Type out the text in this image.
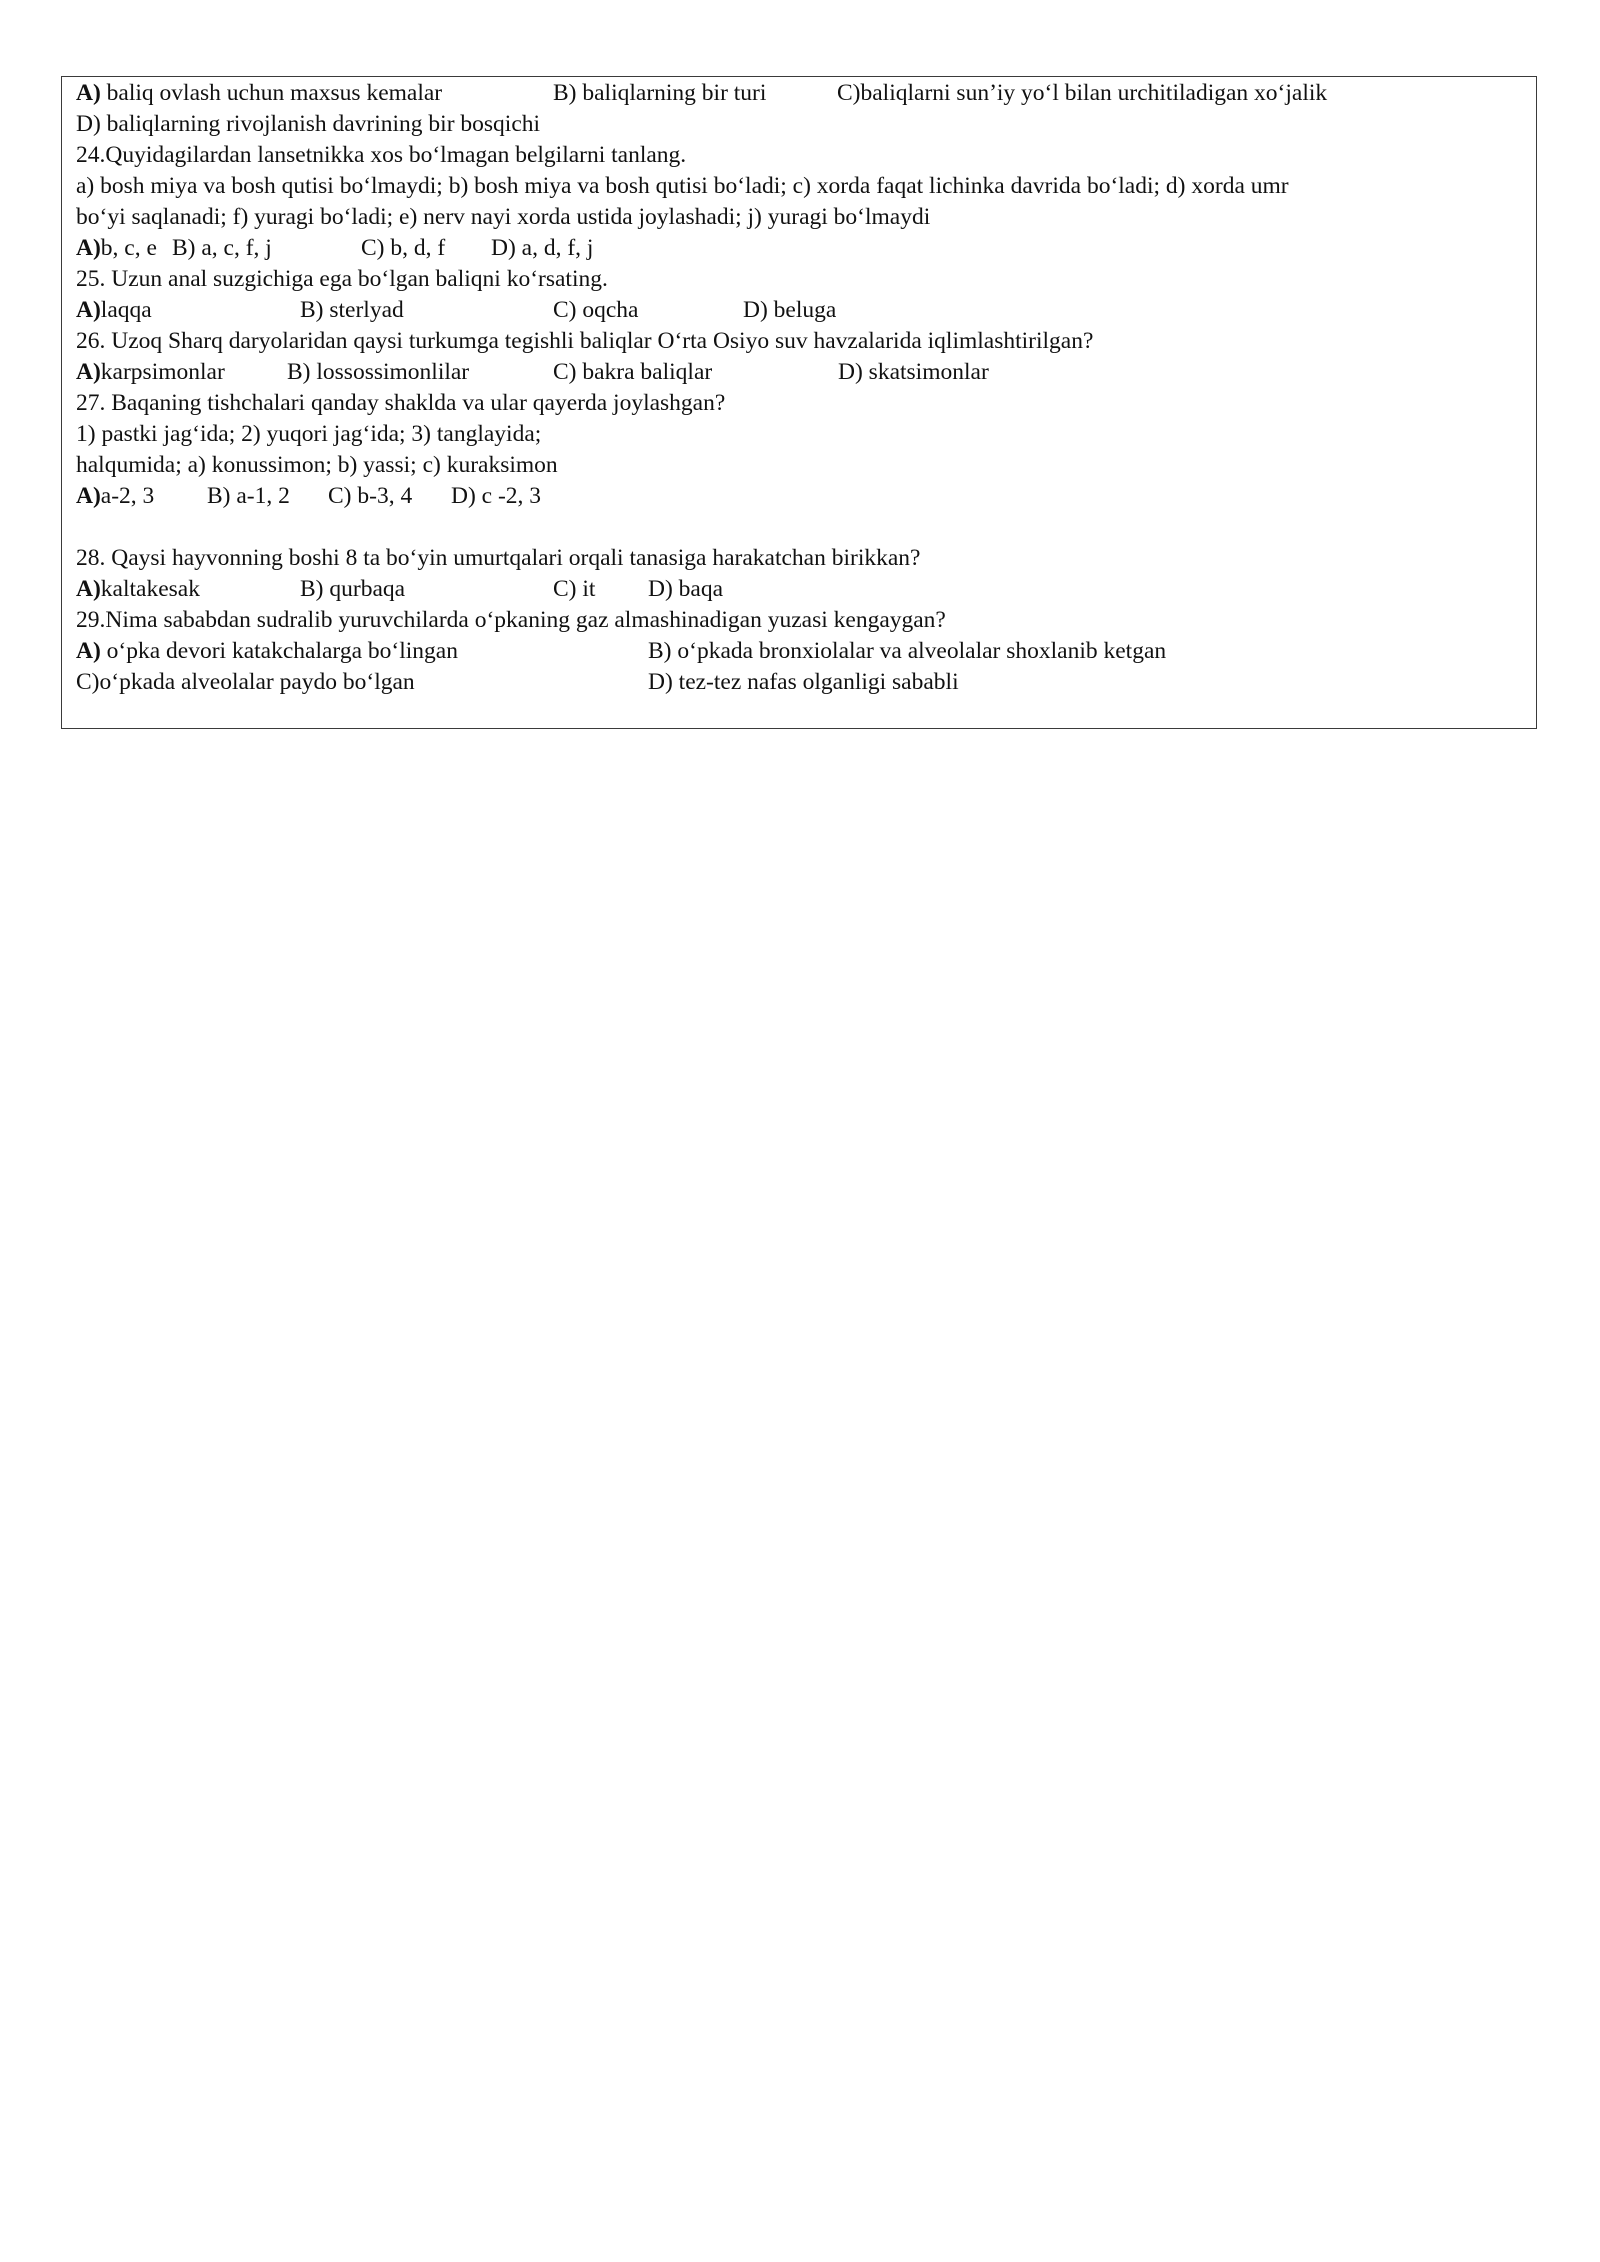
A) baliq ovlash uchun maxsus kemalar	B) baliqlarning bir turi	C)baliqlarni sun’iy yo‘l bilan urchitiladigan xo‘jalik
D) baliqlarning rivojlanish davrining bir bosqichi
24.Quyidagilardan lansetnikka xos bo‘lmagan belgilarni tanlang.
a) bosh miya va bosh qutisi bo‘lmaydi; b) bosh miya va bosh qutisi bo‘ladi; c) xorda faqat lichinka davrida bo‘ladi; d) xorda umr
bo‘yi saqlanadi; f) yuragi bo‘ladi; e) nerv nayi xorda ustida joylashadi; j) yuragi bo‘lmaydi
A)b, c, e B) a, c, f, j	C) b, d, f D) a, d, f, j
25. Uzun anal suzgichiga ega bo‘lgan baliqni ko‘rsating.
A)laqqa	B) sterlyad	C) oqcha	D) beluga
26. Uzoq Sharq daryolaridan qaysi turkumga tegishli baliqlar O‘rta Osiyo suv havzalarida iqlimlashtirilgan?
A)karpsimonlar	B) lossossimonlilar	C) bakra baliqlar	D) skatsimonlar
27. Baqaning tishchalari qanday shaklda va ular qayerda joylashgan?
1) pastki jag‘ida; 2) yuqori jag‘ida; 3) tanglayida;
halqumida; a) konussimon; b) yassi; c) kuraksimon
A)a-2, 3 B) a-1, 2 C) b-3, 4 D) c -2, 3
28. Qaysi hayvonning boshi 8 ta bo‘yin umurtqalari orqali tanasiga harakatchan birikkan?
A)kaltakesak	B) qurbaqa	C) it D) baqa
29.Nima sababdan sudralib yuruvchilarda o‘pkaning gaz almashinadigan yuzasi kengaygan?
A) o‘pka devori katakchalarga bo‘lingan	B) o‘pkada bronxiolalar va alveolalar shoxlanib ketgan
C)o‘pkada alveolalar paydo bo‘lgan	D) tez-tez nafas olganligi sababli
